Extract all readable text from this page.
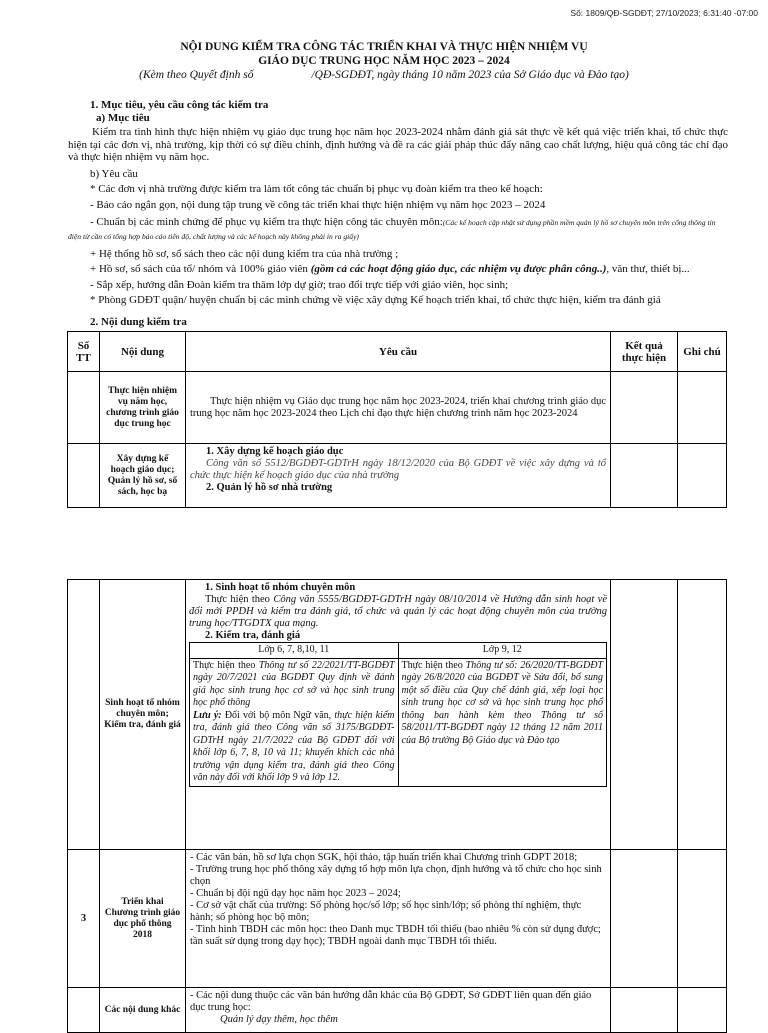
Số: 1809/QĐ-SGDĐT; 27/10/2023; 6:31:40 -07:00
NỘI DUNG KIỂM TRA CÔNG TÁC TRIỂN KHAI VÀ THỰC HIỆN NHIỆM VỤ
GIÁO DỤC TRUNG HỌC NĂM HỌC 2023 – 2024
(Kèm theo Quyết định số	/QĐ-SGDĐT, ngày tháng 10 năm 2023 của Sở Giáo dục và Đào tạo)
1. Mục tiêu, yêu cầu công tác kiểm tra
a) Mục tiêu
Kiểm tra tình hình thực hiện nhiệm vụ giáo dục trung học năm học 2023-2024 nhằm đánh giá sát thực về kết quả việc triển khai, tổ chức thực hiện tại các đơn vị, nhà trường, kịp thời có sự điều chỉnh, định hướng và đề ra các giải pháp thúc đẩy nâng cao chất lượng, hiệu quả công tác chỉ đạo và thực hiện nhiệm vụ năm học.
b) Yêu cầu
* Các đơn vị nhà trường được kiểm tra làm tốt công tác chuẩn bị phục vụ đoàn kiểm tra theo kế hoạch:
- Báo cáo ngắn gọn, nội dung tập trung về công tác triển khai thực hiện nhiệm vụ năm học 2023 – 2024
- Chuẩn bị các minh chứng để phục vụ kiểm tra thực hiện công tác chuyên môn:(Các kế hoạch cập nhật sử dụng phần mềm quản lý hồ sơ chuyên môn trên cổng thông tin điện tử cần có tổng hợp báo cáo tiến độ, chất lượng và các kế hoạch này không phải in ra giấy)
+ Hệ thống hồ sơ, sổ sách theo các nội dung kiểm tra của nhà trường ;
+ Hồ sơ, sổ sách của tổ/ nhóm và 100% giáo viên (gồm cả các hoạt động giáo dục, các nhiệm vụ được phân công..), văn thư, thiết bị...
- Sắp xếp, hướng dẫn Đoàn kiểm tra thăm lớp dự giờ; trao đổi trực tiếp với giáo viên, học sinh;
* Phòng GDĐT quận/ huyện chuẩn bị các minh chứng về việc xây dựng Kế hoạch triển khai, tổ chức thực hiện, kiểm tra đánh giá
2. Nội dung kiểm tra
Số TT	Nội dung	Yêu cầu	Kết quả thực hiện	Ghi chú
	Thực hiện nhiệm vụ năm học, chương trình giáo dục trung học	Thực hiện nhiệm vụ Giáo dục trung học năm học 2023-2024, triển khai chương trình giáo dục trung học năm học 2023-2024 theo Lịch chỉ đạo thực hiện chương trình năm học 2023-2024		

	Xây dựng kế hoạch giáo dục; Quản lý hồ sơ, sổ sách, học bạ	1. Xây dựng kế hoạch giáo dục
Công văn số 5512/BGDĐT-GDTrH ngày 18/12/2020 của Bộ GDĐT về việc xây dựng và tổ chức thực hiện kế hoạch giáo dục của nhà trường
2. Quản lý hồ sơ nhà trường		

	Sinh hoạt tổ nhóm chuyên môn; Kiểm tra, đánh giá	
1. Sinh hoạt tổ nhóm chuyên môn
Thực hiện theo Công văn 5555/BGDĐT-GDTrH ngày 08/10/2014 về Hướng dẫn sinh hoạt về đổi mới PPDH và kiểm tra đánh giá, tổ chức và quản lý các hoạt động chuyên môn của trường trung học/TTGDTX qua mạng.
2. Kiểm tra, đánh giá
Lớp 6, 7, 8,10, 11	Lớp 9, 12
Thực hiện theo Thông tư số 22/2021/TT-BGDĐT ngày 20/7/2021 của BGDĐT Quy định về đánh giá học sinh trung học cơ sở và học sinh trung học phổ thông
Lưu ý: Đối với bộ môn Ngữ văn, thực hiện kiểm tra, đánh giá theo Công văn số 3175/BGDĐT-GDTrH ngày 21/7/2022 của Bộ GDĐT đối với khối lớp 6, 7, 8, 10 và 11; khuyến khích các nhà trường vận dụng kiểm tra, đánh giá theo Công văn này đối với khối lớp 9 và lớp 12.	Thực hiện theo Thông tư số: 26/2020/TT-BGDĐT ngày 26/8/2020 của BGDĐT về Sửa đổi, bổ sung một số điều của Quy chế đánh giá, xếp loại học sinh trung học cơ sở và học sinh trung học phổ thông ban hành kèm theo Thông tư số 58/2011/TT-BGDĐT ngày 12 tháng 12 năm 2011 của Bộ trưởng Bộ Giáo dục và Đào tạo

3	Triển khai Chương trình giáo dục phổ thông 2018	
- Các văn bản, hồ sơ lựa chọn SGK, hội thảo, tập huấn triển khai Chương trình GDPT 2018;
- Trường trung học phổ thông xây dựng tổ hợp môn lựa chọn, định hướng và tổ chức cho học sinh chọn
- Chuẩn bị đội ngũ dạy học năm học 2023 – 2024;
- Cơ sở vật chất của trường: Số phòng học/số lớp; số học sinh/lớp; số phòng thí nghiệm, thực hành; số phòng học bộ môn;
- Tình hình TBDH các môn học: theo Danh mục TBDH tối thiểu (bao nhiêu % còn sử dụng được; tần suất sử dụng trong dạy học); TBDH ngoài danh mục TBDH tối thiểu.

	Các nội dung khác	
- Các nội dung thuộc các văn bản hướng dẫn khác của Bộ GDĐT, Sở GDĐT liên quan đến giáo dục trung học:
Quản lý dạy thêm, học thêm
